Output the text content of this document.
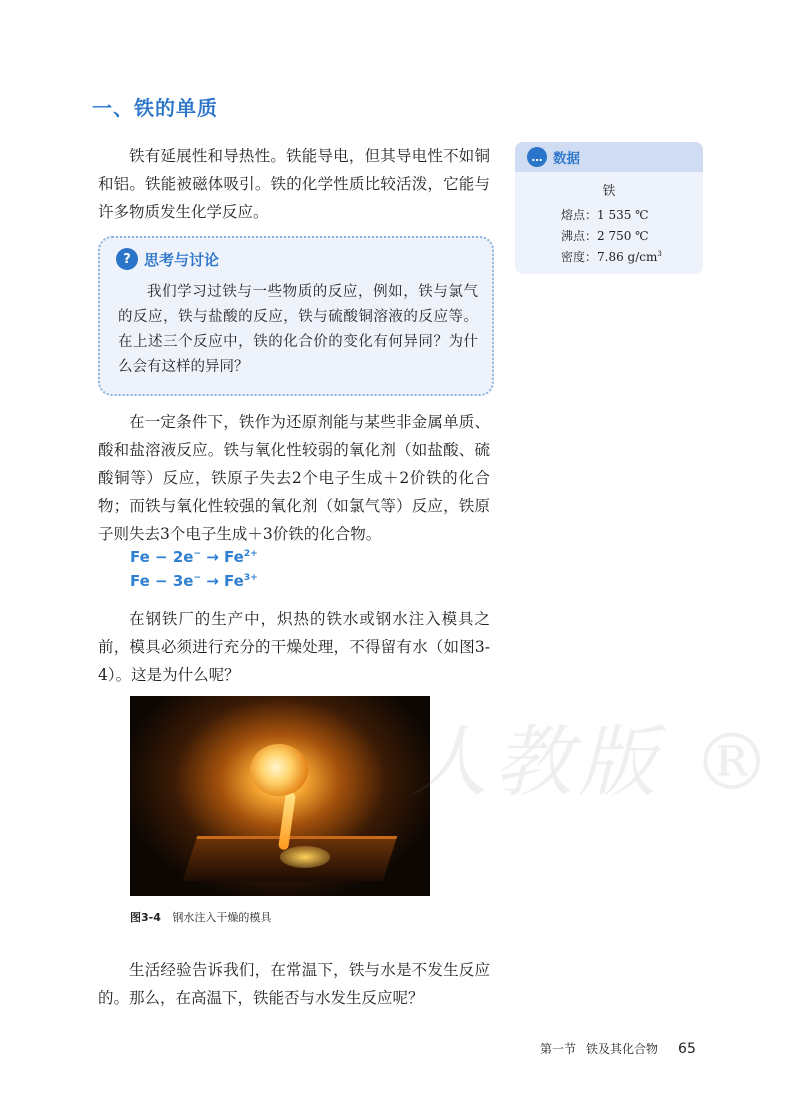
一、铁的单质

铁有延展性和导热性。铁能导电，但其导电性不如铜和铝。铁能被磁体吸引。铁的化学性质比较活泼，它能与许多物质发生化学反应。

? 思考与讨论

我们学习过铁与一些物质的反应，例如，铁与氯气的反应，铁与盐酸的反应，铁与硫酸铜溶液的反应等。在上述三个反应中，铁的化合价的变化有何异同？为什么会有这样的异同？

在一定条件下，铁作为还原剂能与某些非金属单质、酸和盐溶液反应。铁与氧化性较弱的氧化剂（如盐酸、硫酸铜等）反应，铁原子失去2个电子生成＋2价铁的化合物；而铁与氧化性较强的氧化剂（如氯气等）反应，铁原子则失去3个电子生成＋3价铁的化合物。

$Fe - 2e^- \to Fe^{2+}$
$Fe - 3e^- \to Fe^{3+}$

在钢铁厂的生产中，炽热的铁水或钢水注入模具之前，模具必须进行充分的干燥处理，不得留有水（如图3-4）。这是为什么呢？

图3-4 钢水注入干燥的模具

生活经验告诉我们，在常温下，铁与水是不发生反应的。那么，在高温下，铁能否与水发生反应呢？

… 数据
铁
熔点：1 535 ℃
沸点：2 750 ℃
密度：7.86 $g/cm^3$
人教版 ®
第一节 铁及其化合物 65
